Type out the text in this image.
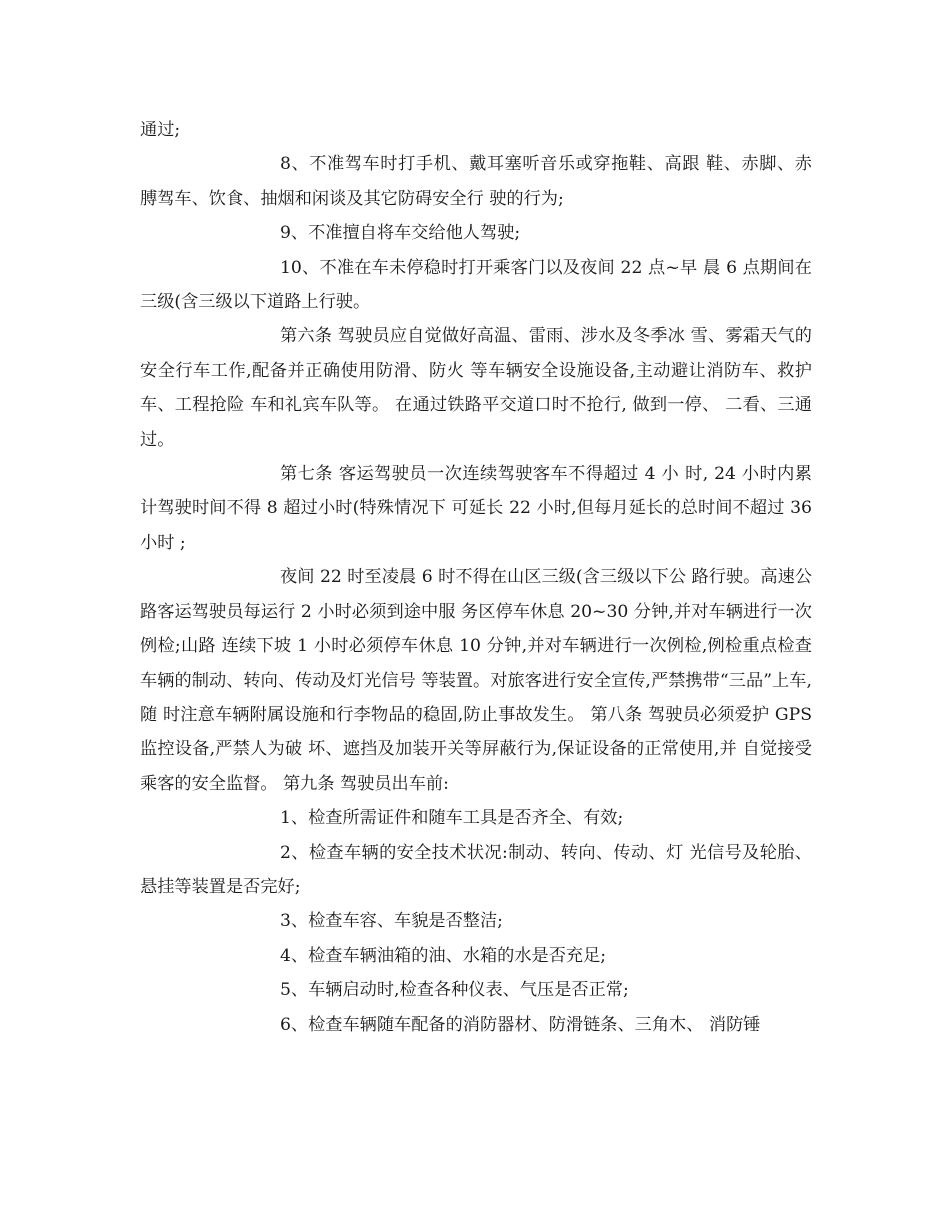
通过;

8、不准驾车时打手机、戴耳塞听音乐或穿拖鞋、高跟 鞋、赤脚、赤膊驾车、饮食、抽烟和闲谈及其它防碍安全行 驶的行为;

9、不准擅自将车交给他人驾驶;

10、不准在车未停稳时打开乘客门以及夜间 22 点~早 晨 6 点期间在三级(含三级以下道路上行驶。

第六条 驾驶员应自觉做好高温、雷雨、涉水及冬季冰 雪、雾霜天气的安全行车工作,配备并正确使用防滑、防火 等车辆安全设施设备,主动避让消防车、救护车、工程抢险 车和礼宾车队等。 在通过铁路平交道口时不抢行, 做到一停、 二看、三通过。

第七条 客运驾驶员一次连续驾驶客车不得超过 4 小 时, 24 小时内累计驾驶时间不得 8 超过小时(特殊情况下 可延长 22 小时,但每月延长的总时间不超过 36 小时 ;

夜间 22 时至凌晨 6 时不得在山区三级(含三级以下公 路行驶。高速公路客运驾驶员每运行 2 小时必须到途中服 务区停车休息 20~30 分钟,并对车辆进行一次例检;山路 连续下坡 1 小时必须停车休息 10 分钟,并对车辆进行一次例检,例检重点检查车辆的制动、转向、传动及灯光信号 等装置。对旅客进行安全宣传,严禁携带“三品”上车,随 时注意车辆附属设施和行李物品的稳固,防止事故发生。 第八条 驾驶员必须爱护 GPS 监控设备,严禁人为破 坏、遮挡及加装开关等屏蔽行为,保证设备的正常使用,并 自觉接受乘客的安全监督。 第九条 驾驶员出车前:

1、检查所需证件和随车工具是否齐全、有效;

2、检查车辆的安全技术状况:制动、转向、传动、灯 光信号及轮胎、悬挂等装置是否完好;

3、检查车容、车貌是否整洁;

4、检查车辆油箱的油、水箱的水是否充足;

5、车辆启动时,检查各种仪表、气压是否正常;

6、检查车辆随车配备的消防器材、防滑链条、三角木、 消防锤
